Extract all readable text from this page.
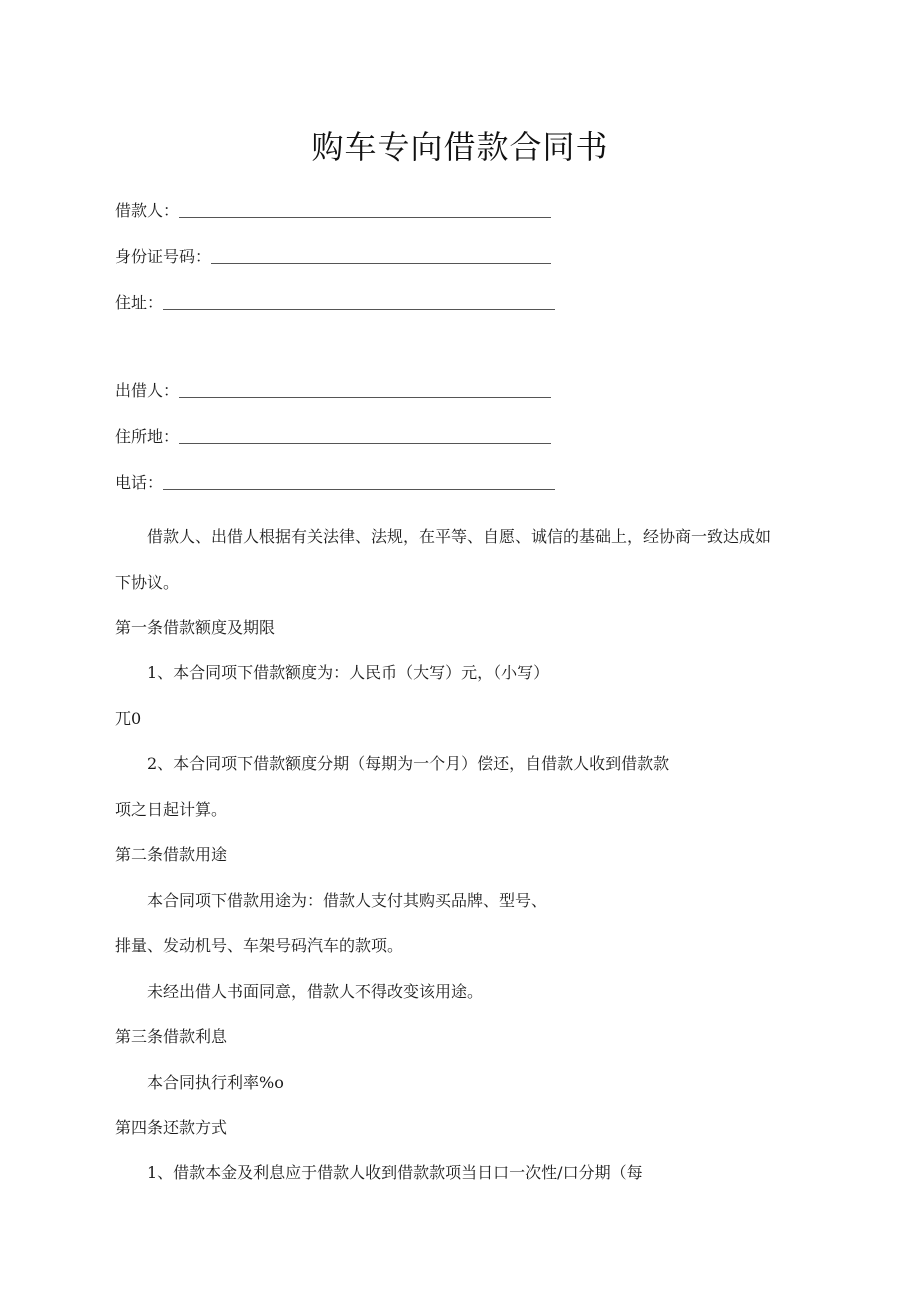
购车专向借款合同书
借款人：
身份证号码：
住址：
出借人：
住所地：
电话：
借款人、出借人根据有关法律、法规，在平等、自愿、诚信的基础上，经协商一致达成如
下协议。
第一条借款额度及期限
1、本合同项下借款额度为：人民币（大写）元，（小写）
兀0
2、本合同项下借款额度分期（每期为一个月）偿还，自借款人收到借款款
项之日起计算。
第二条借款用途
本合同项下借款用途为：借款人支付其购买品牌、型号、
排量、发动机号、车架号码汽车的款项。
未经出借人书面同意，借款人不得改变该用途。
第三条借款利息
本合同执行利率%o
第四条还款方式
1、借款本金及利息应于借款人收到借款款项当日口一次性/口分期（每
